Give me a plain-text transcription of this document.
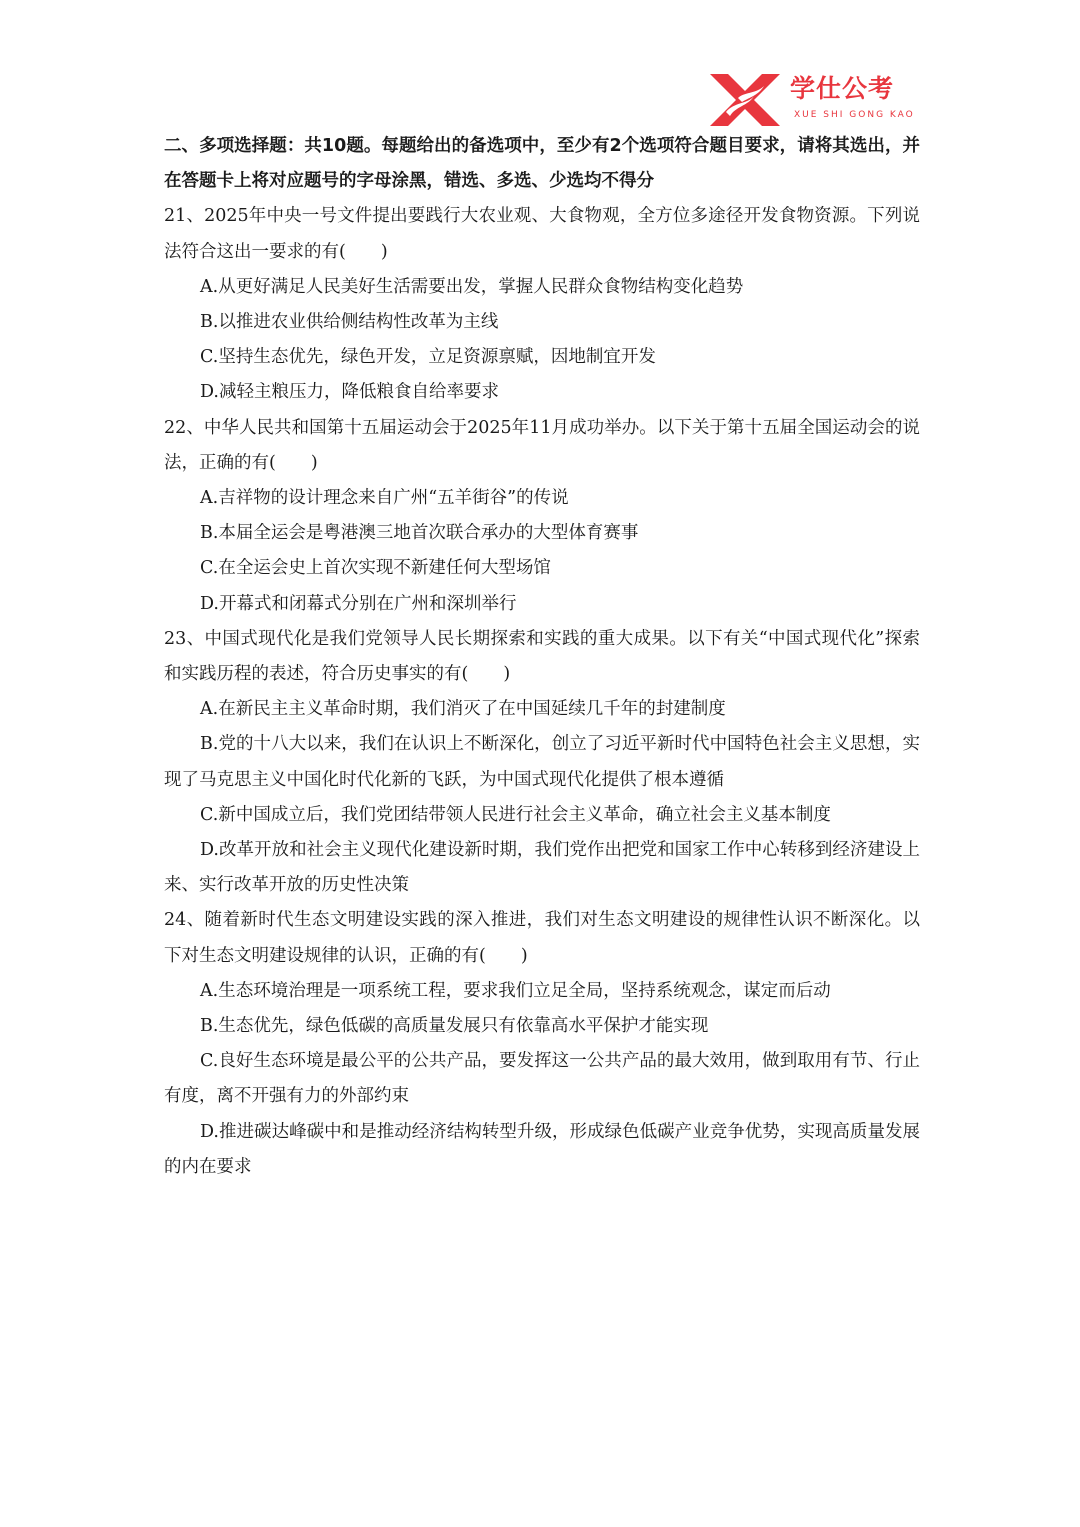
学仕公考
XUE SHI GONG KAO

二、多项选择题：共10题。每题给出的备选项中，至少有2个选项符合题目要求，请将其选出，并在答题卡上将对应题号的字母涂黑，错选、多选、少选均不得分

21、2025年中央一号文件提出要践行大农业观、大食物观，全方位多途径开发食物资源。下列说法符合这出一要求的有(　　)

A.从更好满足人民美好生活需要出发，掌握人民群众食物结构变化趋势

B.以推进农业供给侧结构性改革为主线

C.坚持生态优先，绿色开发，立足资源禀赋，因地制宜开发

D.减轻主粮压力，降低粮食自给率要求

22、中华人民共和国第十五届运动会于2025年11月成功举办。以下关于第十五届全国运动会的说法，正确的有(　　)

A.吉祥物的设计理念来自广州“五羊街谷”的传说

B.本届全运会是粤港澳三地首次联合承办的大型体育赛事

C.在全运会史上首次实现不新建任何大型场馆

D.开幕式和闭幕式分别在广州和深圳举行

23、中国式现代化是我们党领导人民长期探索和实践的重大成果。以下有关“中国式现代化”探索和实践历程的表述，符合历史事实的有(　　)

A.在新民主主义革命时期，我们消灭了在中国延续几千年的封建制度

B.党的十八大以来，我们在认识上不断深化，创立了习近平新时代中国特色社会主义思想，实现了马克思主义中国化时代化新的飞跃，为中国式现代化提供了根本遵循

C.新中国成立后，我们党团结带领人民进行社会主义革命，确立社会主义基本制度

D.改革开放和社会主义现代化建设新时期，我们党作出把党和国家工作中心转移到经济建设上来、实行改革开放的历史性决策

24、随着新时代生态文明建设实践的深入推进，我们对生态文明建设的规律性认识不断深化。以下对生态文明建设规律的认识，正确的有(　　)

A.生态环境治理是一项系统工程，要求我们立足全局，坚持系统观念，谋定而后动

B.生态优先，绿色低碳的高质量发展只有依靠高水平保护才能实现

C.良好生态环境是最公平的公共产品，要发挥这一公共产品的最大效用，做到取用有节、行止有度，离不开强有力的外部约束

D.推进碳达峰碳中和是推动经济结构转型升级，形成绿色低碳产业竞争优势，实现高质量发展的内在要求
